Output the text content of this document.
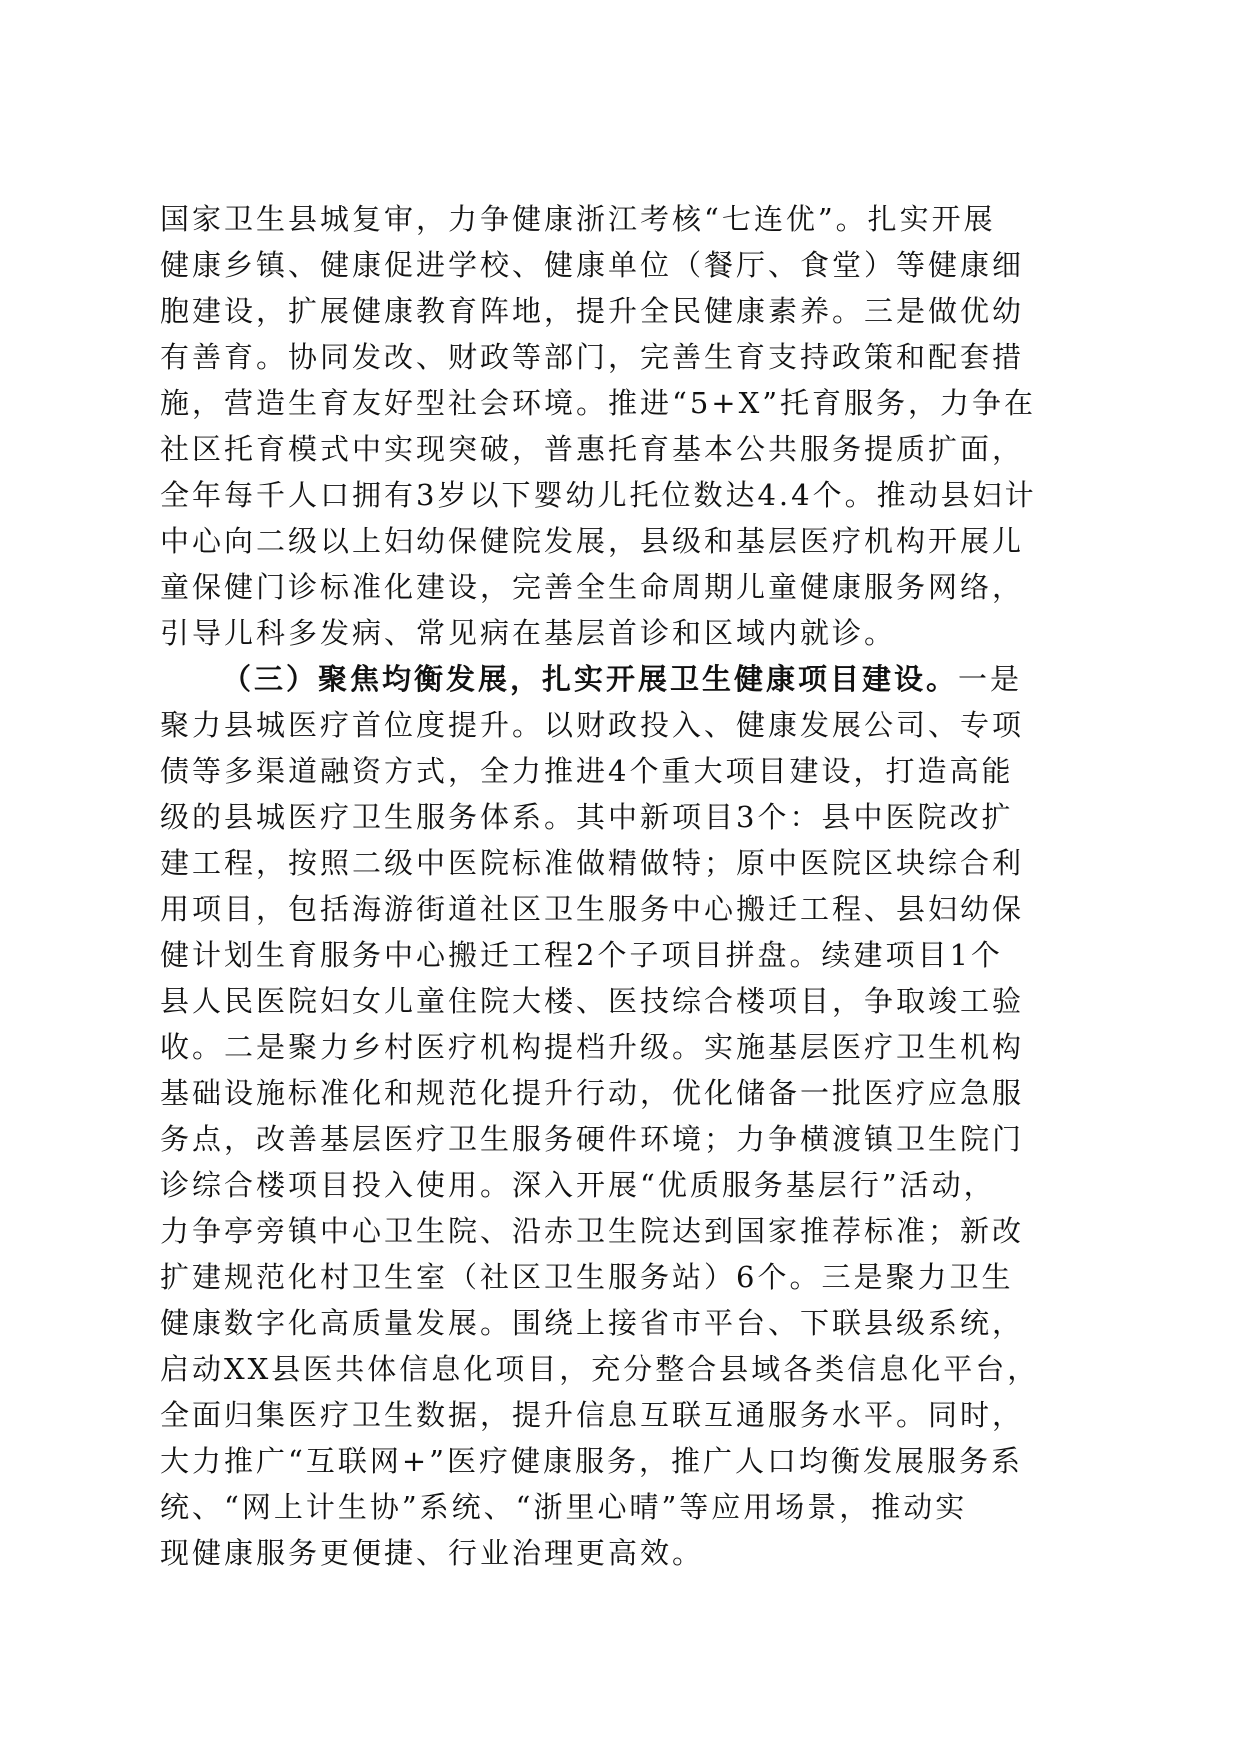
国家卫生县城复审，力争健康浙江考核“七连优”。扎实开展
健康乡镇、健康促进学校、健康单位（餐厅、食堂）等健康细
胞建设，扩展健康教育阵地，提升全民健康素养。三是做优幼
有善育。协同发改、财政等部门，完善生育支持政策和配套措
施，营造生育友好型社会环境。推进“5+X”托育服务，力争在
社区托育模式中实现突破，普惠托育基本公共服务提质扩面，
全年每千人口拥有3岁以下婴幼儿托位数达4.4个。推动县妇计
中心向二级以上妇幼保健院发展，县级和基层医疗机构开展儿
童保健门诊标准化建设，完善全生命周期儿童健康服务网络，
引导儿科多发病、常见病在基层首诊和区域内就诊。
（三）聚焦均衡发展，扎实开展卫生健康项目建设。一是
聚力县城医疗首位度提升。以财政投入、健康发展公司、专项
债等多渠道融资方式，全力推进4个重大项目建设，打造高能
级的县城医疗卫生服务体系。其中新项目3个：县中医院改扩
建工程，按照二级中医院标准做精做特；原中医院区块综合利
用项目，包括海游街道社区卫生服务中心搬迁工程、县妇幼保
健计划生育服务中心搬迁工程2个子项目拼盘。续建项目1个
县人民医院妇女儿童住院大楼、医技综合楼项目，争取竣工验
收。二是聚力乡村医疗机构提档升级。实施基层医疗卫生机构
基础设施标准化和规范化提升行动，优化储备一批医疗应急服
务点，改善基层医疗卫生服务硬件环境；力争横渡镇卫生院门
诊综合楼项目投入使用。深入开展“优质服务基层行”活动，
力争亭旁镇中心卫生院、沿赤卫生院达到国家推荐标准；新改
扩建规范化村卫生室（社区卫生服务站）6个。三是聚力卫生
健康数字化高质量发展。围绕上接省市平台、下联县级系统，
启动XX县医共体信息化项目，充分整合县域各类信息化平台，
全面归集医疗卫生数据，提升信息互联互通服务水平。同时，
大力推广“互联网+”医疗健康服务，推广人口均衡发展服务系
统、“网上计生协”系统、“浙里心晴”等应用场景，推动实
现健康服务更便捷、行业治理更高效。
